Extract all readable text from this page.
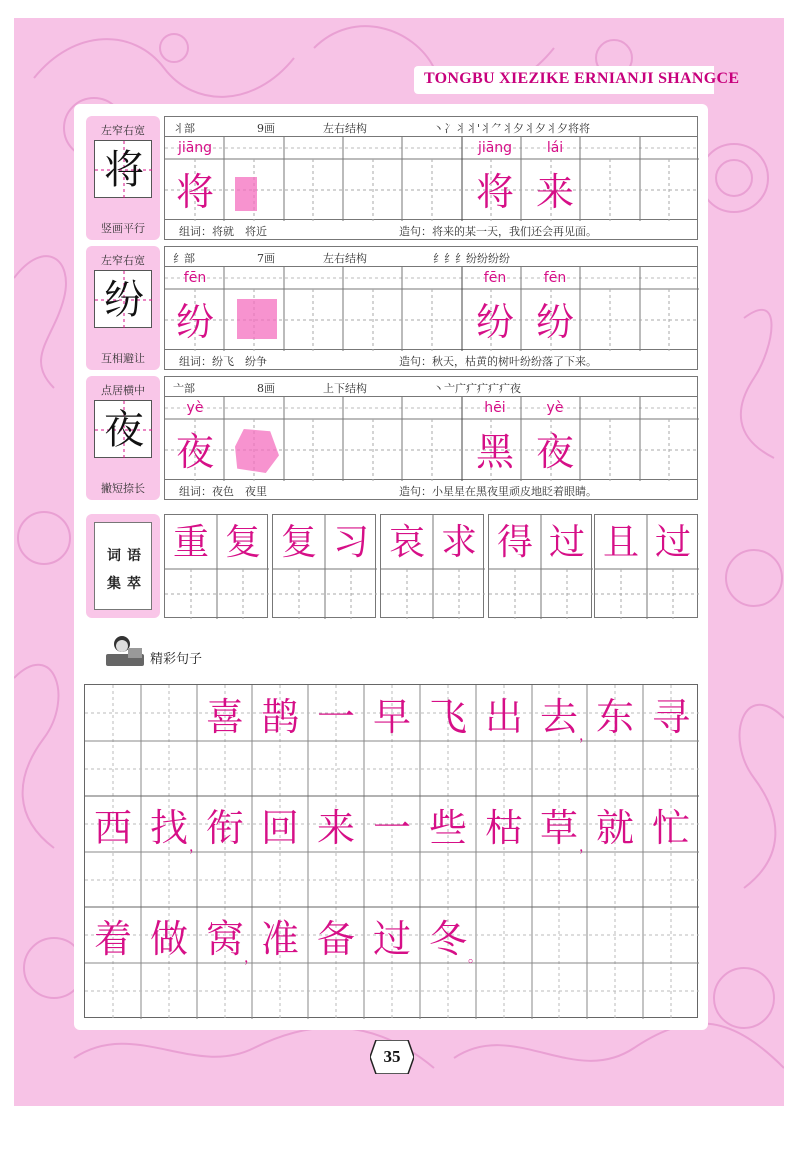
TONGBU XIEZIKE ERNIANJI SHANGCE
左窄右宽
将
竖画平行
丬部	9画	左右结构	丶冫丬丬'丬⺈丬夕丬夕丬夕将将
jiāng
将
jiāng	lái
将 来
组词：将就　将近	造句：将来的某一天，我们还会再见面。
左窄右宽
纷
互相避让
纟部	7画	左右结构	纟纟纟纷纷纷纷
fēn
纷
fēn	fēn
纷 纷
组词：纷飞　纷争	造句：秋天，枯黄的树叶纷纷落了下来。
点居横中
夜
撇短捺长
亠部	8画	上下结构	丶亠广疒疒疒疒夜
yè
夜
hēi	yè
黑 夜
组词：夜色　夜里	造句：小星星在黑夜里顽皮地眨着眼睛。
词语
集萃
重 复 复 习 哀 求 得 过 且 过
精彩句子
喜 鹊 一 早 飞 出 去 东 寻
西 找 衔 回 来 一 些 枯 草 就 忙
着 做 窝 准 备 过 冬
，
，	，
，	。
35
